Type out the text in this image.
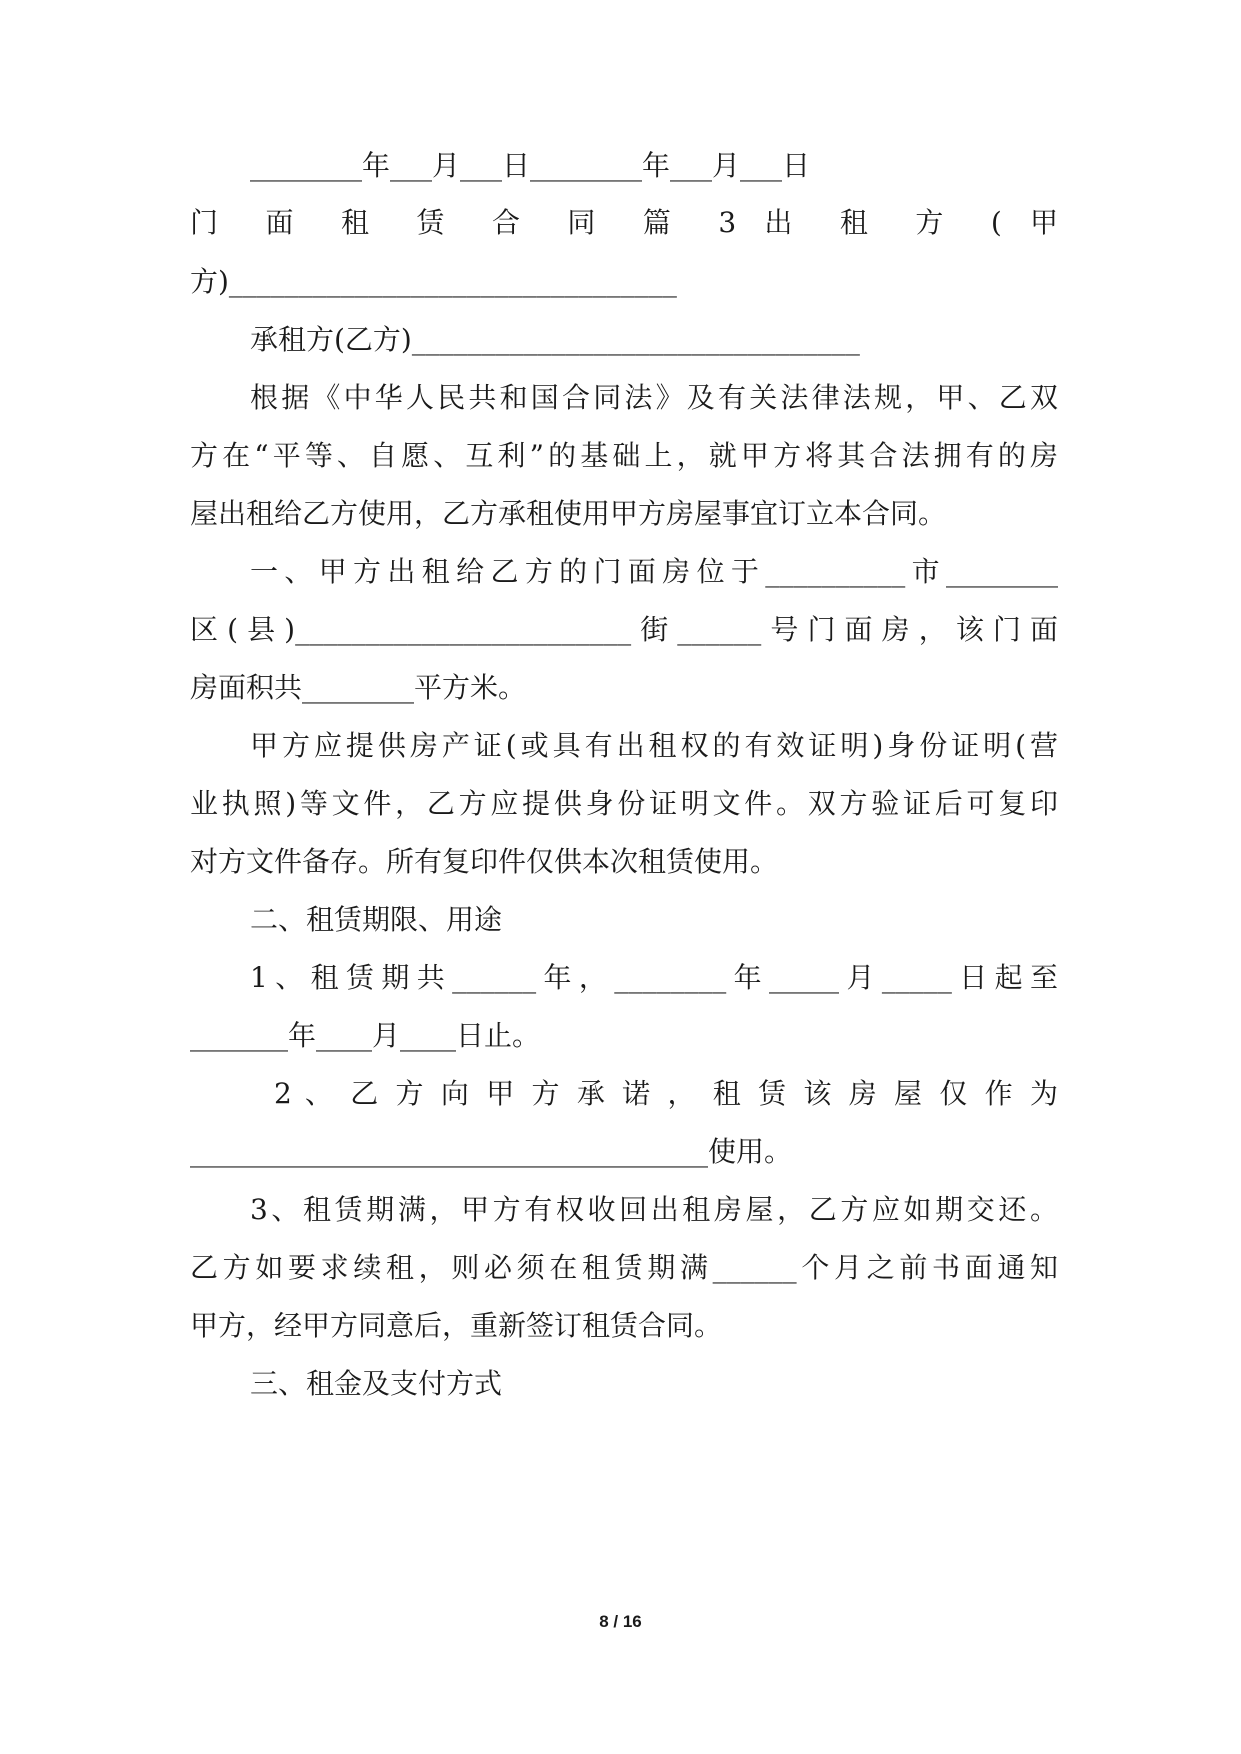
________年___月___日________年___月___日
门 面 租 赁 合 同 篇 3 出 租 方 ( 甲
方)________________________________
承租方(乙方)________________________________
根据《中华人民共和国合同法》及有关法律法规，甲、乙双
方在“平等、自愿、互利”的基础上，就甲方将其合法拥有的房
屋出租给乙方使用，乙方承租使用甲方房屋事宜订立本合同。
一、甲方出租给乙方的门面房位于__________市________
区(县)________________________街______号门面房，该门面
房面积共________平方米。
甲方应提供房产证(或具有出租权的有效证明)身份证明(营
业执照)等文件，乙方应提供身份证明文件。双方验证后可复印
对方文件备存。所有复印件仅供本次租赁使用。
二、租赁期限、用途
1、租赁期共______年，________年_____月_____日起至
_______年____月____日止。
2 、 乙 方 向 甲 方 承 诺 ， 租 赁 该 房 屋 仅 作 为
_____________________________________使用。
3、租赁期满，甲方有权收回出租房屋，乙方应如期交还。
乙方如要求续租，则必须在租赁期满______个月之前书面通知
甲方，经甲方同意后，重新签订租赁合同。
三、租金及支付方式
8 / 16
